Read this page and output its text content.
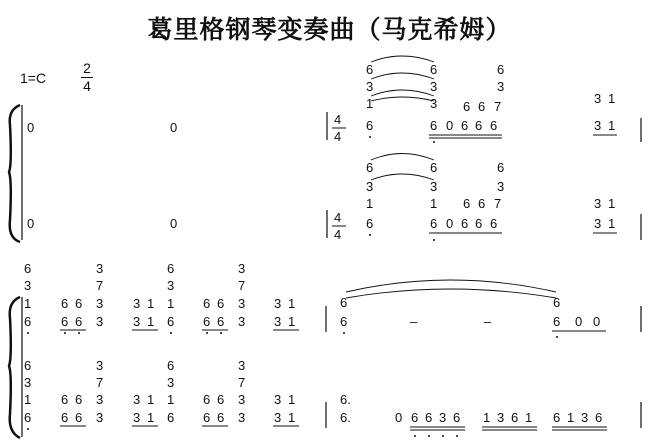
葛里格钢琴变奏曲（马克希姆）
1=C
2
4
0	0
0	0
4
4
4
4
6
3
1
6
6
3
3
6
3
7
6 6
3 1
3 1
6 0 6 6 6
6
3
1
6
6
3
1
6
3
7
6 6	3 1
6 0 6 6 6	3 1
6
3
1
6
6 6
6 6
3
7
3
3
3 1
3 1
6
3
1
6
6 6
6 6
3
7
3
3
3 1
3 1
6
6	–	–
6
6 0 0
6
3
1
6
6 6
6 6
3
7
3
3
3 1
3 1
6
3
1
6
6 6
6 6
3
7
3
3
3 1
3 1
6.
6.	0 6 6 3 6 1 3 6 1 6 1 3 6
